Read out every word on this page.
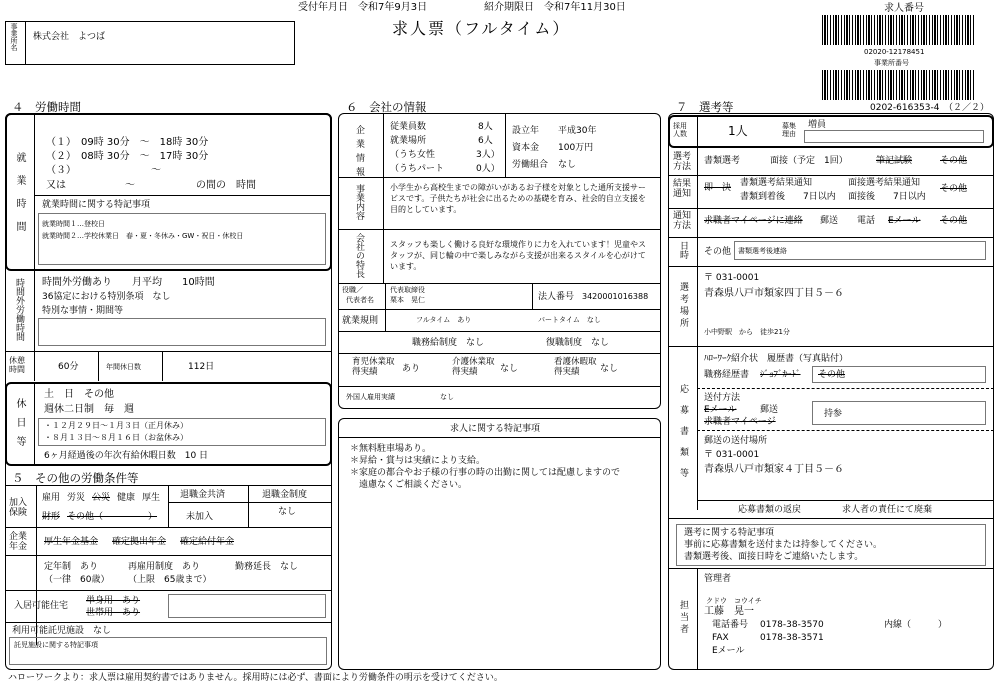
受付年月日　令和7年9月3日	紹介期限日　令和7年11月30日
求人票（フルタイム）
求人番号
02020-12178451
事業所番号
0202-616353-4 （２／２）
事業所名 株式会社　よつば
４　労働時間
就業時間
（１）　09時 30分　～　18時 30分
（２）　08時 30分　～　17時 30分
（３）　　　　　　　　～
又は	～	の間の　時間
就業時間に関する特記事項
就業時間１…登校日
就業時間２…学校休業日　春・夏・冬休み・GW・祝日・休校日
時間外労働時間 時間外労働あり　　月平均　　10時間
36協定における特別条項　なし
特別な事情・期間等
休憩時間	60分	年間休日数	112日
休日等
土　日　その他
週休二日制　毎　週
・１２月２９日～１月３日（正月休み）
・８月１３日～８月１６日（お盆休み）
6ヶ月経過後の年次有給休暇日数　10 日
５　その他の労働条件等
加入保険
雇用 労災 公災 健康 厚生
財形 その他（　　　　　）
退職金共済
未加入
退職金制度
なし
企業年金
厚生年金基金 確定拠出年金 確定給付年金
定年制　あり
（一律　60歳）
再雇用制度　あり
（上限　65歳まで）
勤務延長　なし
入居可能住宅 単身用　あり
世帯用　あり
利用可能託児施設　なし
託児施設に関する特記事項
６　会社の情報
企業情報	従業員数	8人
就業場所	6人
（うち女性	3人）
（うちパート	0人）
設立年 平成30年
資本金 100万円
労働組合 なし
事業内容	小学生から高校生までの障がいがあるお子様を対象とした通所支援サービスです。子供たちが社会に出るための基礎を育み、社会的自立支援を目的としています。
会社の特長	スタッフも楽しく働ける良好な環境作りに力を入れています！児童やスタッフが、同じ輪の中で楽しみながら支援が出来るスタイルを心がけています。
役職／
代表者名
代表取締役
栗本　晃仁	法人番号 3420001016388
就業規則	フルタイム　あり	パートタイム　なし
職務給制度　なし	復職制度　なし
育児休業取得実績	あり
介護休業取得実績	なし
看護休暇取得実績	なし
外国人雇用実績	なし
求人に関する特記事項
＊無料駐車場あり。
＊昇給・賞与は実績により支給。
＊家庭の都合やお子様の行事の時の出勤に関しては配慮しますので
　遠慮なくご相談ください。
７　選考等
採用人数	1人	募集理由
増員
選考方法
書類選考	面接（予定　1回）	筆記試験	その他
結果通知
即　決 書類選考結果通知	面接選考結果通知
書類到着後　　7日以内 面接後　　7日以内
その他
通知方法
求職者マイページに連絡 郵送 電話 Eメール その他
日時 その他 書類選考後連絡
選考場所
〒 031-0001
青森県八戸市類家四丁目５－６
小中野駅　から　徒歩21分
応募書類等
ﾊﾛｰﾜｰｸ紹介状　履歴書（写真貼付）
職務経歴書 ｼﾞｮﾌﾞｶｰﾄﾞ その他
送付方法
Eメール	郵送
求職者マイページ
持参
郵送の送付場所
〒 031-0001
青森県八戸市類家４丁目５－６
応募書類の返戻	求人者の責任にて廃棄
選考に関する特記事項
事前に応募書類を送付または持参してください。
書類選考後、面接日時をご連絡いたします。
担当者
管理者
クドウ　コウイチ
工藤　晃一
電話番号 0178-38-3570	内線（　　　）
FAX	0178-38-3571
Eメール
ハローワークより：求人票は雇用契約書ではありません。採用時には必ず、書面により労働条件の明示を受けてください。
